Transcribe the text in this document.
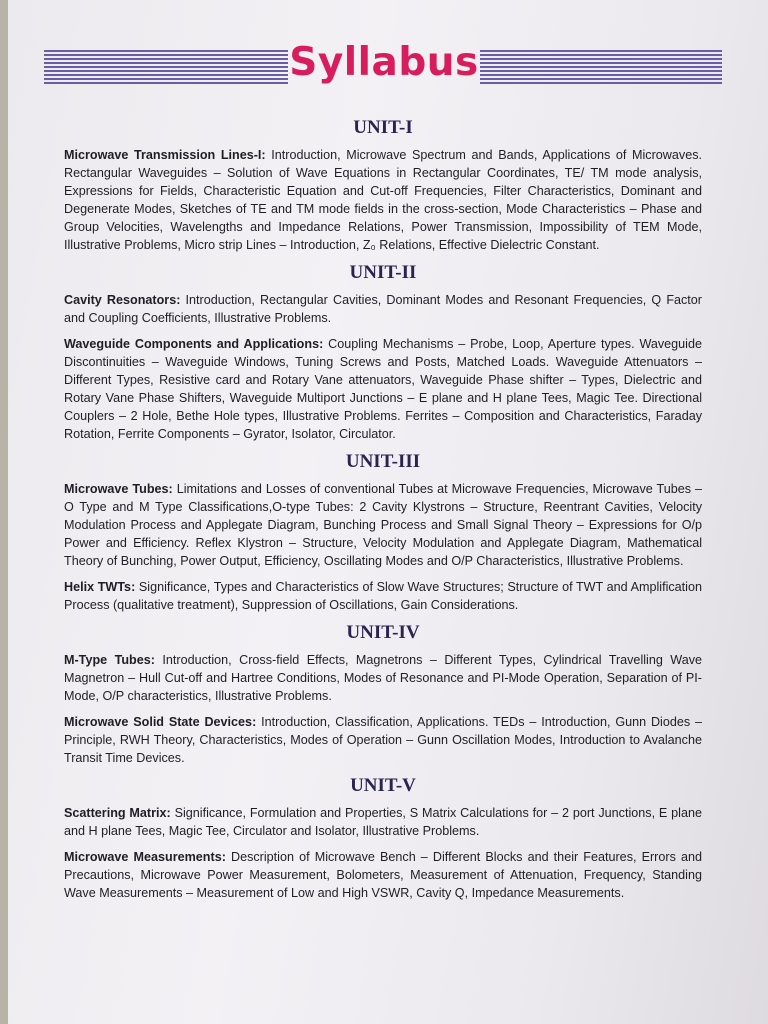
Syllabus
UNIT-I

Microwave Transmission Lines-I: Introduction, Microwave Spectrum and Bands, Applications of Microwaves. Rectangular Waveguides – Solution of Wave Equations in Rectangular Coordinates, TE/ TM mode analysis, Expressions for Fields, Characteristic Equation and Cut-off Frequencies, Filter Characteristics, Dominant and Degenerate Modes, Sketches of TE and TM mode fields in the cross-section, Mode Characteristics – Phase and Group Velocities, Wavelengths and Impedance Relations, Power Transmission, Impossibility of TEM Mode, Illustrative Problems, Micro strip Lines – Introduction, Z₀ Relations, Effective Dielectric Constant.

UNIT-II

Cavity Resonators: Introduction, Rectangular Cavities, Dominant Modes and Resonant Frequencies, Q Factor and Coupling Coefficients, Illustrative Problems.

Waveguide Components and Applications: Coupling Mechanisms – Probe, Loop, Aperture types. Waveguide Discontinuities – Waveguide Windows, Tuning Screws and Posts, Matched Loads. Waveguide Attenuators – Different Types, Resistive card and Rotary Vane attenuators, Waveguide Phase shifter – Types, Dielectric and Rotary Vane Phase Shifters, Waveguide Multiport Junctions – E plane and H plane Tees, Magic Tee. Directional Couplers – 2 Hole, Bethe Hole types, Illustrative Problems. Ferrites – Composition and Characteristics, Faraday Rotation, Ferrite Components – Gyrator, Isolator, Circulator.

UNIT-III

Microwave Tubes: Limitations and Losses of conventional Tubes at Microwave Frequencies, Microwave Tubes – O Type and M Type Classifications,O-type Tubes: 2 Cavity Klystrons – Structure, Reentrant Cavities, Velocity Modulation Process and Applegate Diagram, Bunching Process and Small Signal Theory – Expressions for O/p Power and Efficiency. Reflex Klystron – Structure, Velocity Modulation and Applegate Diagram, Mathematical Theory of Bunching, Power Output, Efficiency, Oscillating Modes and O/P Characteristics, Illustrative Problems.

Helix TWTs: Significance, Types and Characteristics of Slow Wave Structures; Structure of TWT and Amplification Process (qualitative treatment), Suppression of Oscillations, Gain Considerations.

UNIT-IV

M-Type Tubes: Introduction, Cross-field Effects, Magnetrons – Different Types, Cylindrical Travelling Wave Magnetron – Hull Cut-off and Hartree Conditions, Modes of Resonance and PI-Mode Operation, Separation of PI-Mode, O/P characteristics, Illustrative Problems.

Microwave Solid State Devices: Introduction, Classification, Applications. TEDs – Introduction, Gunn Diodes – Principle, RWH Theory, Characteristics, Modes of Operation – Gunn Oscillation Modes, Introduction to Avalanche Transit Time Devices.

UNIT-V

Scattering Matrix: Significance, Formulation and Properties, S Matrix Calculations for – 2 port Junctions, E plane and H plane Tees, Magic Tee, Circulator and Isolator, Illustrative Problems.

Microwave Measurements: Description of Microwave Bench – Different Blocks and their Features, Errors and Precautions, Microwave Power Measurement, Bolometers, Measurement of Attenuation, Frequency, Standing Wave Measurements – Measurement of Low and High VSWR, Cavity Q, Impedance Measurements.
